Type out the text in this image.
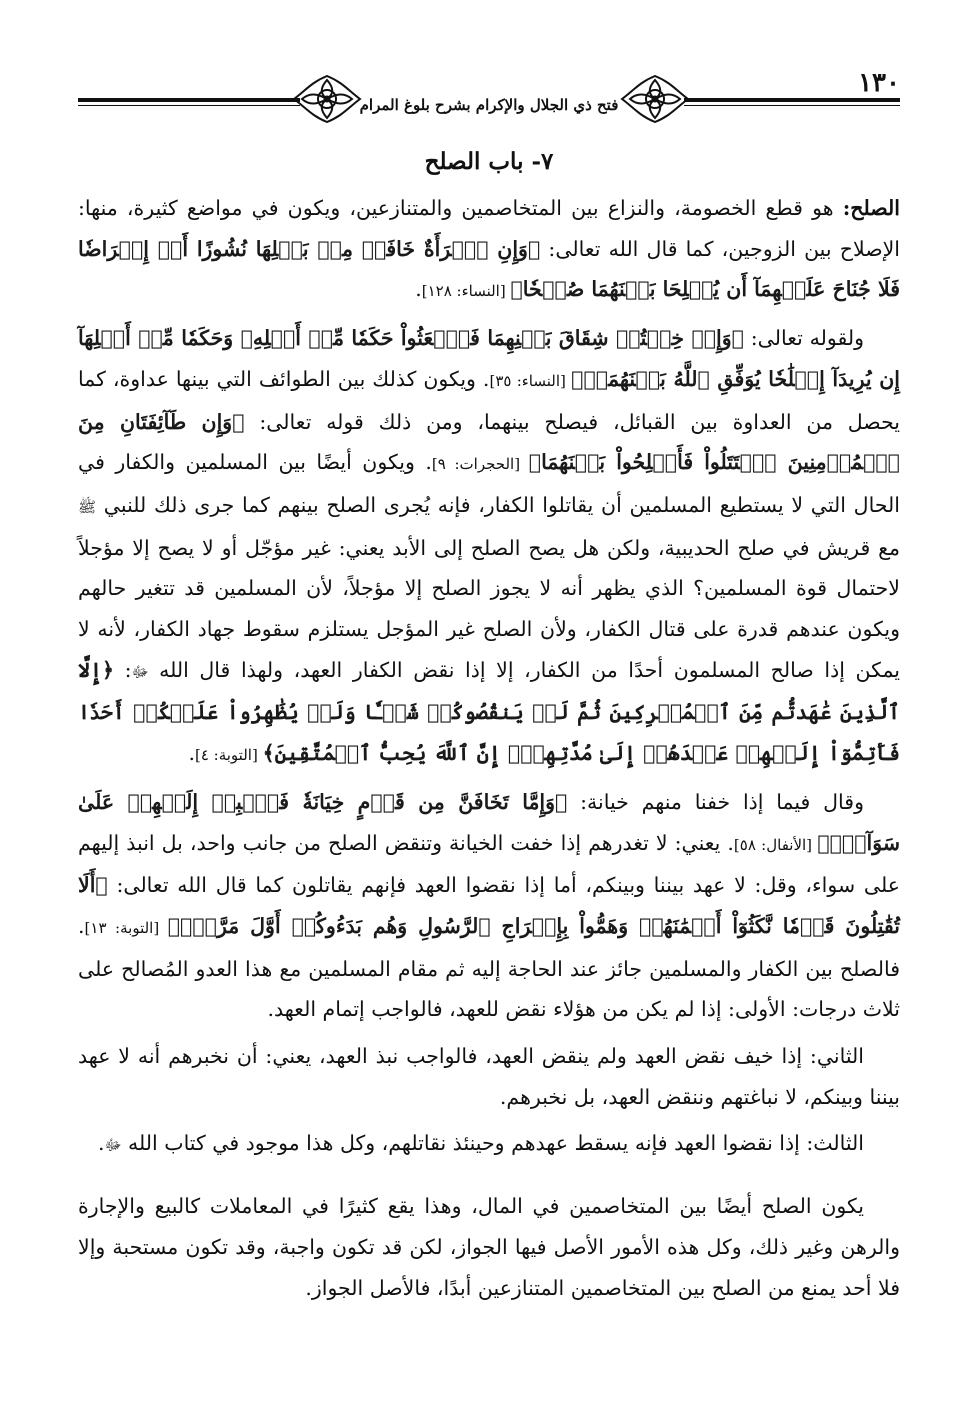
١٣٠
فتح ذي الجلال والإكرام بشرح بلوغ المرام
٧- باب الصلح

الصلح: هو قطع الخصومة، والنزاع بين المتخاصمين والمتنازعين، ويكون في مواضع كثيرة، منها: الإصلاح بين الزوجين، كما قال الله تعالى: ﴿وَإِنِ ٱمۡرَأَةٌ خَافَتۡ مِنۢ بَعۡلِهَا نُشُوزًا أَوۡ إِعۡرَاضٗا فَلَا جُنَاحَ عَلَيۡهِمَآ أَن يُصۡلِحَا بَيۡنَهُمَا صُلۡحٗا﴾ [النساء: ١٢٨].

ولقوله تعالى: ﴿وَإِنۡ خِفۡتُمۡ شِقَاقَ بَيۡنِهِمَا فَٱبۡعَثُواْ حَكَمٗا مِّنۡ أَهۡلِهِۦ وَحَكَمٗا مِّنۡ أَهۡلِهَآ إِن يُرِيدَآ إِصۡلَٰحٗا يُوَفِّقِ ٱللَّهُ بَيۡنَهُمَآۗ﴾ [النساء: ٣٥]. ويكون كذلك بين الطوائف التي بينها عداوة، كما يحصل من العداوة بين القبائل، فيصلح بينهما، ومن ذلك قوله تعالى: ﴿وَإِن طَآئِفَتَانِ مِنَ ٱلۡمُؤۡمِنِينَ ٱقۡتَتَلُواْ فَأَصۡلِحُواْ بَيۡنَهُمَا﴾ [الحجرات: ٩]. ويكون أيضًا بين المسلمين والكفار في الحال التي لا يستطيع المسلمين أن يقاتلوا الكفار، فإنه يُجرى الصلح بينهم كما جرى ذلك للنبي ﷺ مع قريش في صلح الحديبية، ولكن هل يصح الصلح إلى الأبد يعني: غير مؤجّل أو لا يصح إلا مؤجلاً لاحتمال قوة المسلمين؟ الذي يظهر أنه لا يجوز الصلح إلا مؤجلاً، لأن المسلمين قد تتغير حالهم ويكون عندهم قدرة على قتال الكفار، ولأن الصلح غير المؤجل يستلزم سقوط جهاد الكفار، لأنه لا يمكن إذا صالح المسلمون أحدًا من الكفار، إلا إذا نقض الكفار العهد، ولهذا قال الله ﷻ: ﴿إِلَّا ٱلَّذِينَ عَٰهَدتُّم مِّنَ ٱلۡمُشۡرِكِينَ ثُمَّ لَمۡ يَنقُصُوكُمۡ شَيۡـٔٗا وَلَمۡ يُظَٰهِرُواْ عَلَيۡكُمۡ أَحَدٗا فَأَتِمُّوٓاْ إِلَيۡهِمۡ عَهۡدَهُمۡ إِلَىٰ مُدَّتِهِمۡۚ إِنَّ ٱللَّهَ يُحِبُّ ٱلۡمُتَّقِينَ﴾ [التوبة: ٤].

وقال فيما إذا خفنا منهم خيانة: ﴿وَإِمَّا تَخَافَنَّ مِن قَوۡمٍ خِيَانَةٗ فَٱنۢبِذۡ إِلَيۡهِمۡ عَلَىٰ سَوَآءٍۚ﴾ [الأنفال: ٥٨]. يعني: لا تغدرهم إذا خفت الخيانة وتنقض الصلح من جانب واحد، بل انبذ إليهم على سواء، وقل: لا عهد بيننا وبينكم، أما إذا نقضوا العهد فإنهم يقاتلون كما قال الله تعالى: ﴿أَلَا تُقَٰتِلُونَ قَوۡمٗا نَّكَثُوٓاْ أَيۡمَٰنَهُمۡ وَهَمُّواْ بِإِخۡرَاجِ ٱلرَّسُولِ وَهُم بَدَءُوكُمۡ أَوَّلَ مَرَّةٍۚ﴾ [التوبة: ١٣]. فالصلح بين الكفار والمسلمين جائز عند الحاجة إليه ثم مقام المسلمين مع هذا العدو المُصالح على ثلاث درجات: الأولى: إذا لم يكن من هؤلاء نقض للعهد، فالواجب إتمام العهد.

الثاني: إذا خيف نقض العهد ولم ينقض العهد، فالواجب نبذ العهد، يعني: أن نخبرهم أنه لا عهد بيننا وبينكم، لا نباغتهم وننقض العهد، بل نخبرهم.

الثالث: إذا نقضوا العهد فإنه يسقط عهدهم وحينئذ نقاتلهم، وكل هذا موجود في كتاب الله ﷻ.

يكون الصلح أيضًا بين المتخاصمين في المال، وهذا يقع كثيرًا في المعاملات كالبيع والإجارة والرهن وغير ذلك، وكل هذه الأمور الأصل فيها الجواز، لكن قد تكون واجبة، وقد تكون مستحبة وإلا فلا أحد يمنع من الصلح بين المتخاصمين المتنازعين أبدًا، فالأصل الجواز.
